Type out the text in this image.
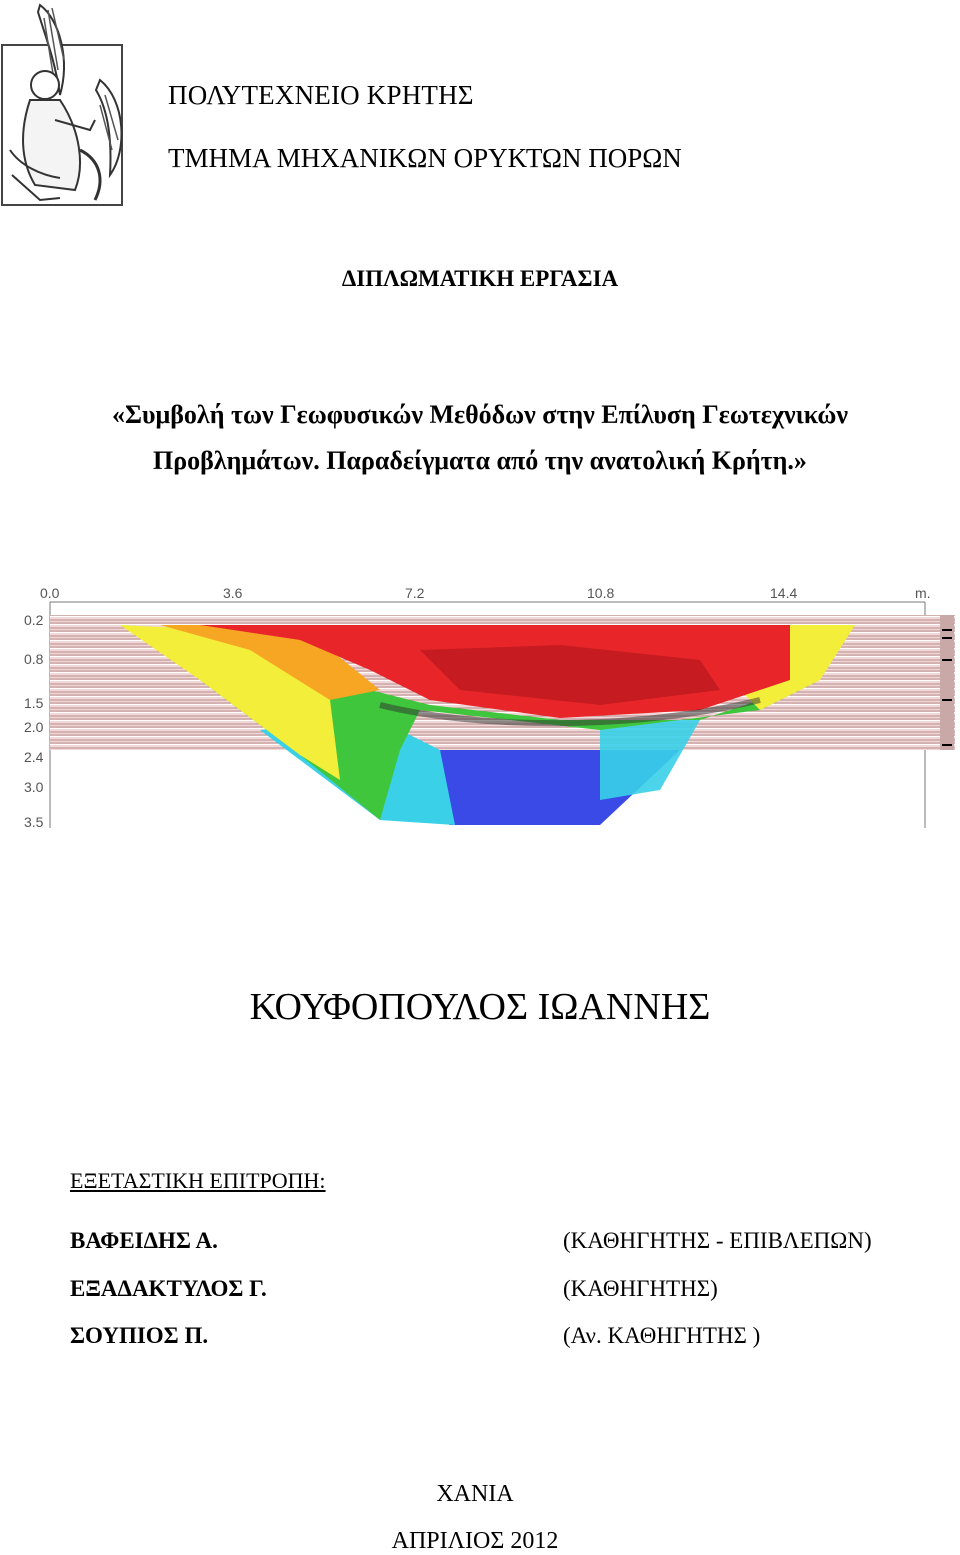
ΠΟΛΥΤΕΧΝΕΙΟ ΚΡΗΤΗΣ
ΤΜΗΜΑ ΜΗΧΑΝΙΚΩΝ ΟΡΥΚΤΩΝ ΠΟΡΩΝ
ΔΙΠΛΩΜΑΤΙΚΗ ΕΡΓΑΣΙΑ
«Συμβολή των Γεωφυσικών Μεθόδων στην Επίλυση Γεωτεχνικών
Προβλημάτων. Παραδείγματα από την ανατολική Κρήτη.»
0.0	3.6	7.2	10.8	14.4	m.
0.2
0.8
1.5
2.0
2.4
3.0
3.5
ΚΟΥΦΟΠΟΥΛΟΣ ΙΩΑΝΝΗΣ
ΕΞΕΤΑΣΤΙΚΗ ΕΠΙΤΡΟΠΗ:
ΒΑΦΕΙΔΗΣ Α.	(ΚΑΘΗΓΗΤΗΣ - ΕΠΙΒΛΕΠΩΝ)
ΕΞΑΔΑΚΤΥΛΟΣ Γ.	(ΚΑΘΗΓΗΤΗΣ)
ΣΟΥΠΙΟΣ Π.	(Αν. ΚΑΘΗΓΗΤΗΣ )
ΧΑΝΙΑ
ΑΠΡΙΛΙΟΣ 2012
